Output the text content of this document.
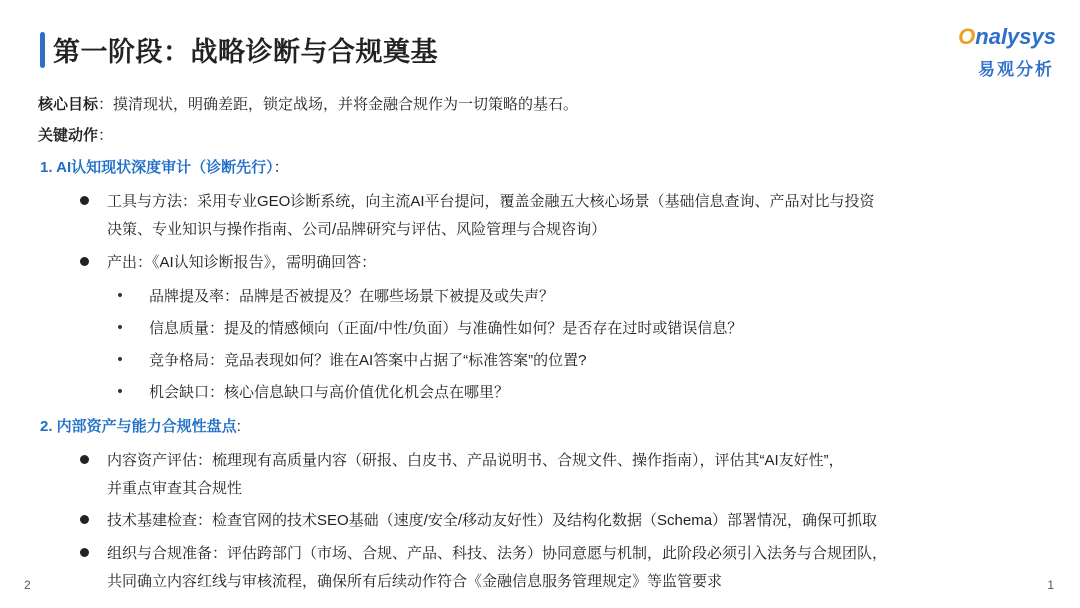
第一阶段：战略诊断与合规奠基
Onalysys
易观分析
核心目标：摸清现状，明确差距，锁定战场，并将金融合规作为一切策略的基石。
关键动作：
1. AI认知现状深度审计（诊断先行）：
工具与方法：采用专业GEO诊断系统，向主流AI平台提问，覆盖金融五大核心场景（基础信息查询、产品对比与投资
决策、专业知识与操作指南、公司/品牌研究与评估、风险管理与合规咨询）
产出：《AI认知诊断报告》，需明确回答：
品牌提及率：品牌是否被提及？在哪些场景下被提及或失声？
信息质量：提及的情感倾向（正面/中性/负面）与准确性如何？是否存在过时或错误信息？
竞争格局：竞品表现如何？谁在AI答案中占据了“标准答案”的位置?
机会缺口：核心信息缺口与高价值优化机会点在哪里？
2. 内部资产与能力合规性盘点:
内容资产评估：梳理现有高质量内容（研报、白皮书、产品说明书、合规文件、操作指南），评估其“AI友好性”，
并重点审查其合规性
技术基建检查：检查官网的技术SEO基础（速度/安全/移动友好性）及结构化数据（Schema）部署情况，确保可抓取
组织与合规准备：评估跨部门（市场、合规、产品、科技、法务）协同意愿与机制，此阶段必须引入法务与合规团队，
共同确立内容红线与审核流程，确保所有后续动作符合《金融信息服务管理规定》等监管要求
2	1
